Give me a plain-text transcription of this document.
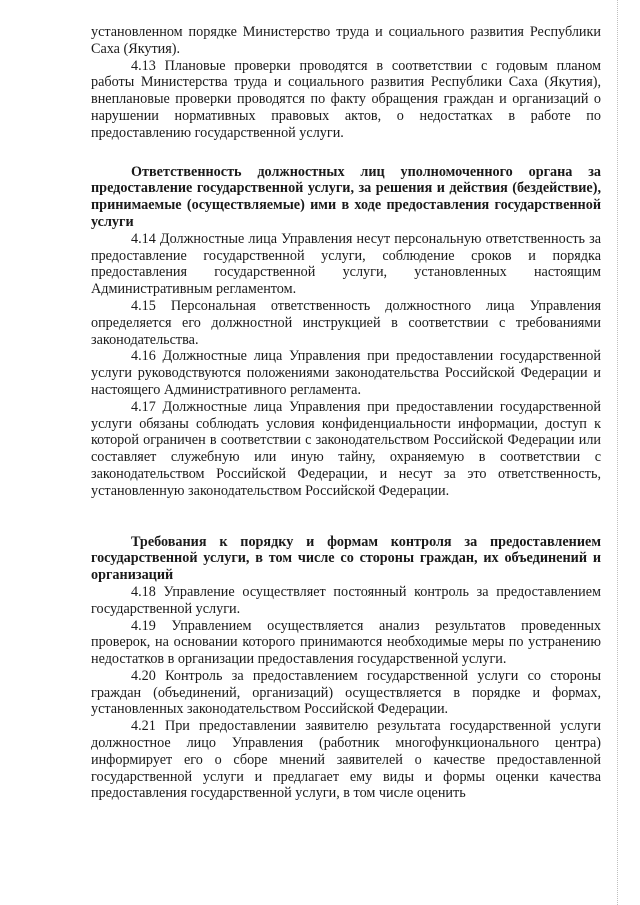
установленном порядке Министерство труда и социального развития Республики Саха (Якутия).

4.13 Плановые проверки проводятся в соответствии с годовым планом работы Министерства труда и социального развития Республики Саха (Якутия), внеплановые проверки проводятся по факту обращения граждан и организаций о нарушении нормативных правовых актов, о недостатках в работе по предоставлению государственной услуги.

Ответственность должностных лиц уполномоченного органа за предоставление государственной услуги, за решения и действия (бездействие), принимаемые (осуществляемые) ими в ходе предоставления государственной услуги

4.14 Должностные лица Управления несут персональную ответственность за предоставление государственной услуги, соблюдение сроков и порядка предоставления государственной услуги, установленных настоящим Административным регламентом.

4.15 Персональная ответственность должностного лица Управления определяется его должностной инструкцией в соответствии с требованиями законодательства.

4.16 Должностные лица Управления при предоставлении государственной услуги руководствуются положениями законодательства Российской Федерации и настоящего Административного регламента.

4.17 Должностные лица Управления при предоставлении государственной услуги обязаны соблюдать условия конфиденциальности информации, доступ к которой ограничен в соответствии с законодательством Российской Федерации или составляет служебную или иную тайну, охраняемую в соответствии с законодательством Российской Федерации, и несут за это ответственность, установленную законодательством Российской Федерации.

Требования к порядку и формам контроля за предоставлением государственной услуги, в том числе со стороны граждан, их объединений и организаций

4.18 Управление осуществляет постоянный контроль за предоставлением государственной услуги.

4.19 Управлением осуществляется анализ результатов проведенных проверок, на основании которого принимаются необходимые меры по устранению недостатков в организации предоставления государственной услуги.

4.20 Контроль за предоставлением государственной услуги со стороны граждан (объединений, организаций) осуществляется в порядке и формах, установленных законодательством Российской Федерации.

4.21 При предоставлении заявителю результата государственной услуги должностное лицо Управления (работник многофункционального центра) информирует его о сборе мнений заявителей о качестве предоставленной государственной услуги и предлагает ему виды и формы оценки качества предоставления государственной услуги, в том числе оценить
